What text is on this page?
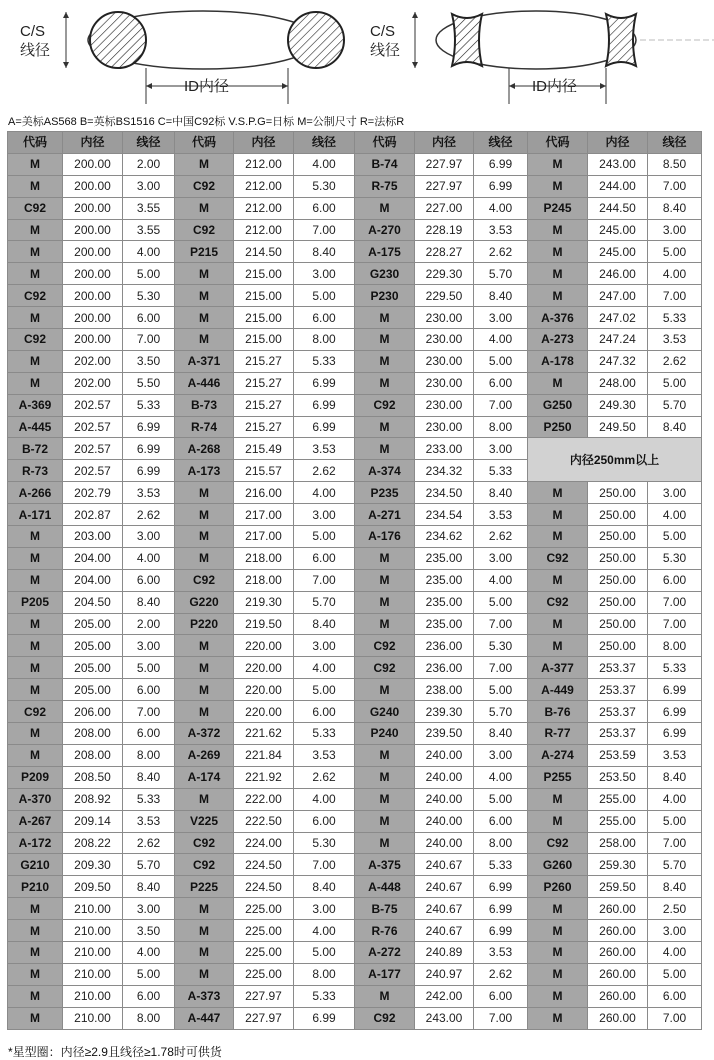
C/S
线径
ID内径
C/S
线径
ID内径
A=美标AS568 B=英标BS1516 C=中国C92标 V.S.P.G=日标 M=公制尺寸 R=法标R
代码	内径	线径	代码	内径	线径	代码	内径	线径	代码	内径	线径
M	200.00	2.00	M	212.00	4.00	B-74	227.97	6.99	M	243.00	8.50
M	200.00	3.00	C92	212.00	5.30	R-75	227.97	6.99	M	244.00	7.00
C92	200.00	3.55	M	212.00	6.00	M	227.00	4.00	P245	244.50	8.40
M	200.00	3.55	C92	212.00	7.00	A-270	228.19	3.53	M	245.00	3.00
M	200.00	4.00	P215	214.50	8.40	A-175	228.27	2.62	M	245.00	5.00
M	200.00	5.00	M	215.00	3.00	G230	229.30	5.70	M	246.00	4.00
C92	200.00	5.30	M	215.00	5.00	P230	229.50	8.40	M	247.00	7.00
M	200.00	6.00	M	215.00	6.00	M	230.00	3.00	A-376	247.02	5.33
C92	200.00	7.00	M	215.00	8.00	M	230.00	4.00	A-273	247.24	3.53
M	202.00	3.50	A-371	215.27	5.33	M	230.00	5.00	A-178	247.32	2.62
M	202.00	5.50	A-446	215.27	6.99	M	230.00	6.00	M	248.00	5.00
A-369	202.57	5.33	B-73	215.27	6.99	C92	230.00	7.00	G250	249.30	5.70
A-445	202.57	6.99	R-74	215.27	6.99	M	230.00	8.00	P250	249.50	8.40
B-72	202.57	6.99	A-268	215.49	3.53	M	233.00	3.00	内径250mm以上		
R-73	202.57	6.99	A-173	215.57	2.62	A-374	234.32	5.33			
A-266	202.79	3.53	M	216.00	4.00	P235	234.50	8.40	M	250.00	3.00
A-171	202.87	2.62	M	217.00	3.00	A-271	234.54	3.53	M	250.00	4.00
M	203.00	3.00	M	217.00	5.00	A-176	234.62	2.62	M	250.00	5.00
M	204.00	4.00	M	218.00	6.00	M	235.00	3.00	C92	250.00	5.30
M	204.00	6.00	C92	218.00	7.00	M	235.00	4.00	M	250.00	6.00
P205	204.50	8.40	G220	219.30	5.70	M	235.00	5.00	C92	250.00	7.00
M	205.00	2.00	P220	219.50	8.40	M	235.00	7.00	M	250.00	7.00
M	205.00	3.00	M	220.00	3.00	C92	236.00	5.30	M	250.00	8.00
M	205.00	5.00	M	220.00	4.00	C92	236.00	7.00	A-377	253.37	5.33
M	205.00	6.00	M	220.00	5.00	M	238.00	5.00	A-449	253.37	6.99
C92	206.00	7.00	M	220.00	6.00	G240	239.30	5.70	B-76	253.37	6.99
M	208.00	6.00	A-372	221.62	5.33	P240	239.50	8.40	R-77	253.37	6.99
M	208.00	8.00	A-269	221.84	3.53	M	240.00	3.00	A-274	253.59	3.53
P209	208.50	8.40	A-174	221.92	2.62	M	240.00	4.00	P255	253.50	8.40
A-370	208.92	5.33	M	222.00	4.00	M	240.00	5.00	M	255.00	4.00
A-267	209.14	3.53	V225	222.50	6.00	M	240.00	6.00	M	255.00	5.00
A-172	208.22	2.62	C92	224.00	5.30	M	240.00	8.00	C92	258.00	7.00
G210	209.30	5.70	C92	224.50	7.00	A-375	240.67	5.33	G260	259.30	5.70
P210	209.50	8.40	P225	224.50	8.40	A-448	240.67	6.99	P260	259.50	8.40
M	210.00	3.00	M	225.00	3.00	B-75	240.67	6.99	M	260.00	2.50
M	210.00	3.50	M	225.00	4.00	R-76	240.67	6.99	M	260.00	3.00
M	210.00	4.00	M	225.00	5.00	A-272	240.89	3.53	M	260.00	4.00
M	210.00	5.00	M	225.00	8.00	A-177	240.97	2.62	M	260.00	5.00
M	210.00	6.00	A-373	227.97	5.33	M	242.00	6.00	M	260.00	6.00
M	210.00	8.00	A-447	227.97	6.99	C92	243.00	7.00	M	260.00	7.00
*星型圈：内径≥2.9且线径≥1.78时可供货
